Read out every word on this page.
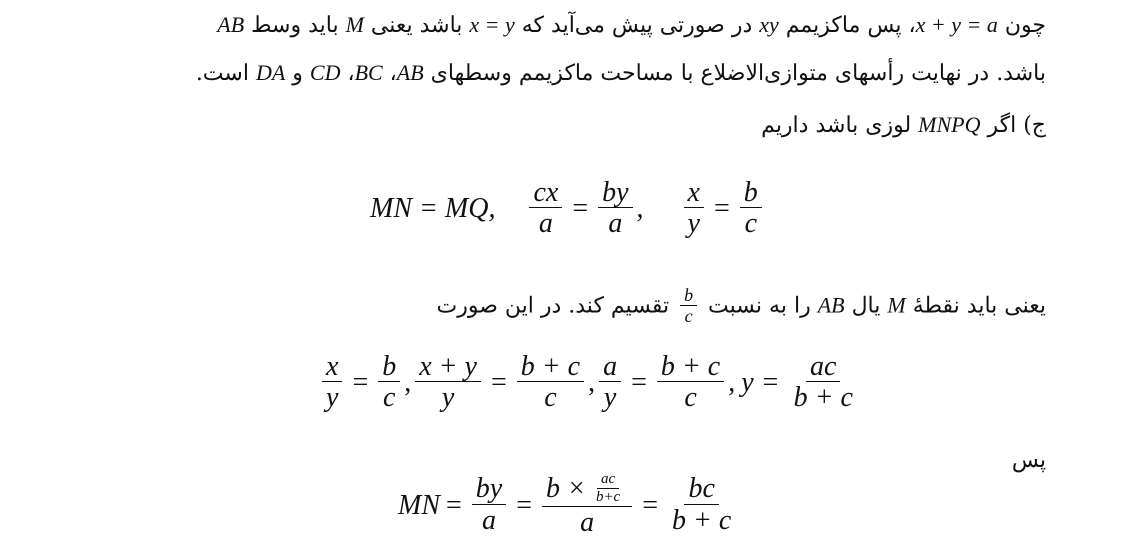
چون x + y = a، پس ماکزیمم xy در صورتی پیش می‌آید که x = y باشد یعنی M باید وسط AB
باشد. در نهایت رأسهای متوازی‌الاضلاع با مساحت ماکزیمم وسطهای AB، BC، CD و DA است.
ج) اگر MNPQ لوزی باشد داریم
MN = MQ, $\frac{cx}{a} = \frac{by}{a}$ , $\frac{x}{y} = \frac{b}{c}$
یعنی باید نقطهٔ M یال AB را به نسبت
$\frac{b}{c}$
تقسیم کند. در این صورت
$\frac{x}{y} = \frac{b}{c}$ , $\frac{x + y}{y} = \frac{b + c}{c}$ , $\frac{a}{y} = \frac{b + c}{c}$ , $y = \frac{ac}{b + c}$
پس
MN = $\frac{by}{a} = \frac{b \times \frac{ac}{b+c}}{a} = \frac{bc}{b + c}$
